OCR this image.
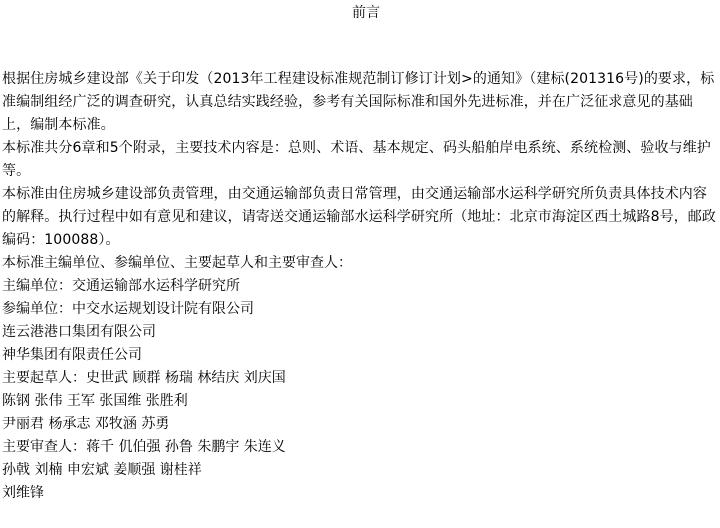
前言
根据住房城乡建设部《关于印发（2013年工程建设标准规范制订修订计划>的通知》（建标(201316号)的要求，标准编制组经广泛的调查研究，认真总结实践经验，参考有关国际标准和国外先进标准，并在广泛征求意见的基础上，编制本标准。
本标准共分6章和5个附录，主要技术内容是：总则、术语、基本规定、码头船舶岸电系统、系统检测、验收与维护等。
本标准由住房城乡建设部负责管理，由交通运输部负责日常管理，由交通运输部水运科学研究所负责具体技术内容的解释。执行过程中如有意见和建议，请寄送交通运输部水运科学研究所（地址：北京市海淀区西土城路8号，邮政编码：100088）。
本标准主编单位、参编单位、主要起草人和主要审查人：
主编单位：交通运输部水运科学研究所
参编单位：中交水运规划设计院有限公司
连云港港口集团有限公司
神华集团有限责任公司
主要起草人：史世武 顾群 杨瑞 林结庆 刘庆国
陈钢 张伟 王军 张国维 张胜利
尹丽君 杨承志 邓牧涵 苏勇
主要审查人：蒋千 仉伯强 孙鲁 朱鹏宇 朱连义
孙戟 刘楠 申宏斌 姜顺强 谢桂祥
刘维锋
